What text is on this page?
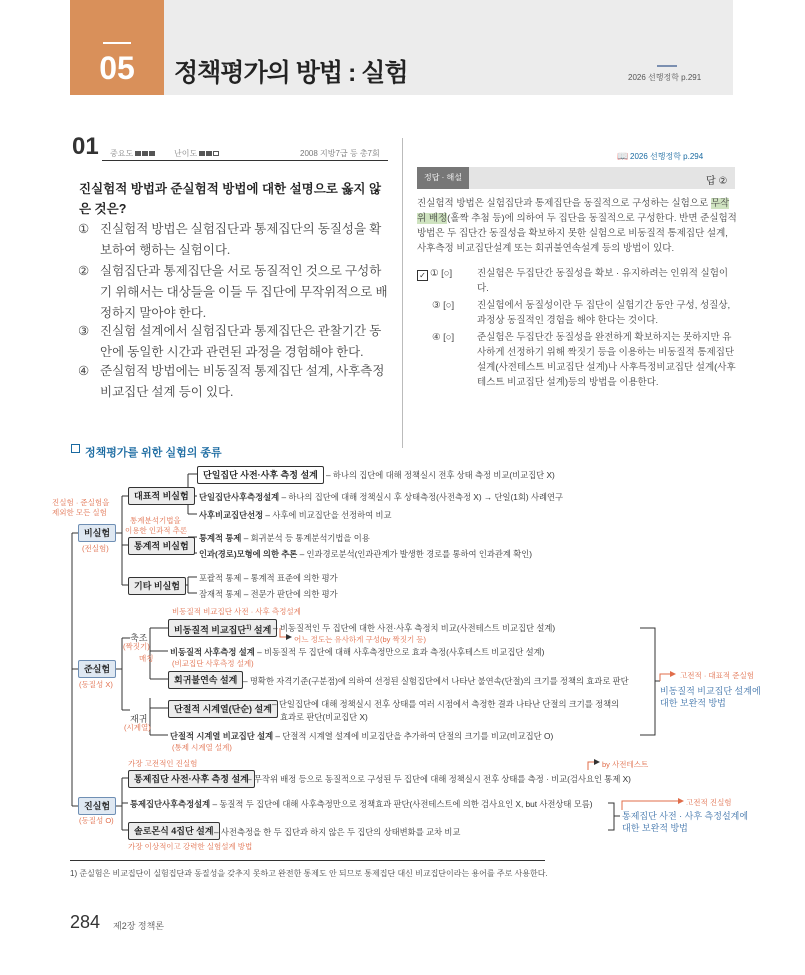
05	정책평가의 방법 : 실험	2026 선행정학 p.291
01 중요도	난이도	2008 지방7급 등 총7회
진실험적 방법과 준실험적 방법에 대한 설명으로 옳지 않은 것은?
① 진실험적 방법은 실험집단과 통제집단의 동질성을 확보하여 행하는 실험이다.
② 실험집단과 통제집단을 서로 동질적인 것으로 구성하기 위해서는 대상들을 이들 두 집단에 무작위적으로 배정하지 말아야 한다.
③ 진실험 설계에서 실험집단과 통제집단은 관찰기간 동안에 동일한 시간과 관련된 과정을 경험해야 한다.
④ 준실험적 방법에는 비동질적 통제집단 설계, 사후측정 비교집단 설계 등이 있다.
📖 2026 선행정학 p.294
정답 · 해설	답 ②
진실험적 방법은 실험집단과 통제집단을 동질적으로 구성하는 실험으로 무작위 배정(홀짝 추첨 등)에 의하여 두 집단을 동질적으로 구성한다. 반면 준실험적 방법은 두 집단간 동질성을 확보하지 못한 실험으로 비동질적 통제집단 설계, 사후측정 비교집단설계 또는 회귀불연속설계 등의 방법이 있다.
✓ ① [○]	진실험은 두집단간 동질성을 확보 · 유지하려는 인위적 실험이다.
③ [○]	진실험에서 동질성이란 두 집단이 실험기간 동안 구성, 성질상, 과정상 동질적인 경험을 해야 한다는 것이다.
④ [○]	준실험은 두집단간 동질성을 완전하게 확보하지는 못하지만 유사하게 선정하기 위해 짝짓기 등을 이용하는 비동질적 통제집단 설계(사전테스트 비교집단 설계)나 사후특정비교집단 설계(사후테스트 비교집단 설계)등의 방법을 이용한다.
정책평가를 위한 실험의 종류
진실험 · 준실험을
제외한 모든 실험
비실험
(전실험)
대표적 비실험
단일집단 사전·사후 측정 설계 – 하나의 집단에 대해 정책실시 전후 상태 측정 비교(비교집단 X)
단일집단사후측정설계 – 하나의 집단에 대해 정책실시 후 상태측정(사전측정 X) → 단일(1회) 사례연구
사후비교집단선정 – 사후에 비교집단을 선정하여 비교
통계분석기법을
이용한 인과적 추론
통계적 비실험
통계적 통제 – 회귀분석 등 통계분석기법을 이용
인과(경로)모형에 의한 추론 – 인과경로분석(인과관계가 발생한 경로를 통하여 인과관계 확인)
기타 비실험
포괄적 통제 – 통계적 표준에 의한 평가
잠재적 통제 – 전문가 판단에 의한 평가
비동질적 비교집단 사전 · 사후 측정설계
준실험
(동질성 X)
축조
(짝짓기)
매칭
재귀
(시계열)
비동질적 비교집단$^{1)}$ 설계 – 비동질적인 두 집단에 대한 사전·사후 측정치 비교(사전테스트 비교집단 설계)
어느 정도는 유사하게 구성(by 짝짓기 등)
비동질적 사후측정 설계 – 비동질적 두 집단에 대해 사후측정만으로 효과 측정(사후테스트 비교집단 설계)
(비교집단 사후측정 설계)
회귀불연속 설계 – 명확한 자격기준(구분점)에 의하여 선정된 실험집단에서 나타난 불연속(단절)의 크기를 정책의 효과로 판단
단절적 시계열(단순) 설계 – 단일집단에 대해 정책실시 전후 상태를 여러 시점에서 측정한 결과 나타난 단절의 크기를 정책의
효과로 판단(비교집단 X)
단절적 시계열 비교집단 설계 – 단절적 시계열 설계에 비교집단을 추가하여 단절의 크기를 비교(비교집단 O)
(통제 시계열 설계)
고전적 · 대표적 준실험
비동질적 비교집단 설계에
대한 보완적 방법
가장 고전적인 진실험
진실험
(동질성 O)
통제집단 사전·사후 측정 설계
– 무작위 배정 등으로 동질적으로 구성된 두 집단에 대해 정책실시 전후 상태를 측정 · 비교(검사요인 통제 X)
by 사전테스트
통제집단사후측정설계 – 동질적 두 집단에 대해 사후측정만으로 정책효과 판단(사전테스트에 의한 검사요인 X, but 사전상태 모름)
솔로몬식 4집단 설계 – 사전측정을 한 두 집단과 하지 않은 두 집단의 상태변화를 교차 비교
가장 이상적이고 강력한 실험설계 방법
고전적 진실험
통제집단 사전 · 사후 측정설계에
대한 보완적 방법
1) 준실험은 비교집단이 실험집단과 동질성을 갖추지 못하고 완전한 통제도 안 되므로 통제집단 대신 비교집단이라는 용어를 주로 사용한다.
284 제2장 정책론
